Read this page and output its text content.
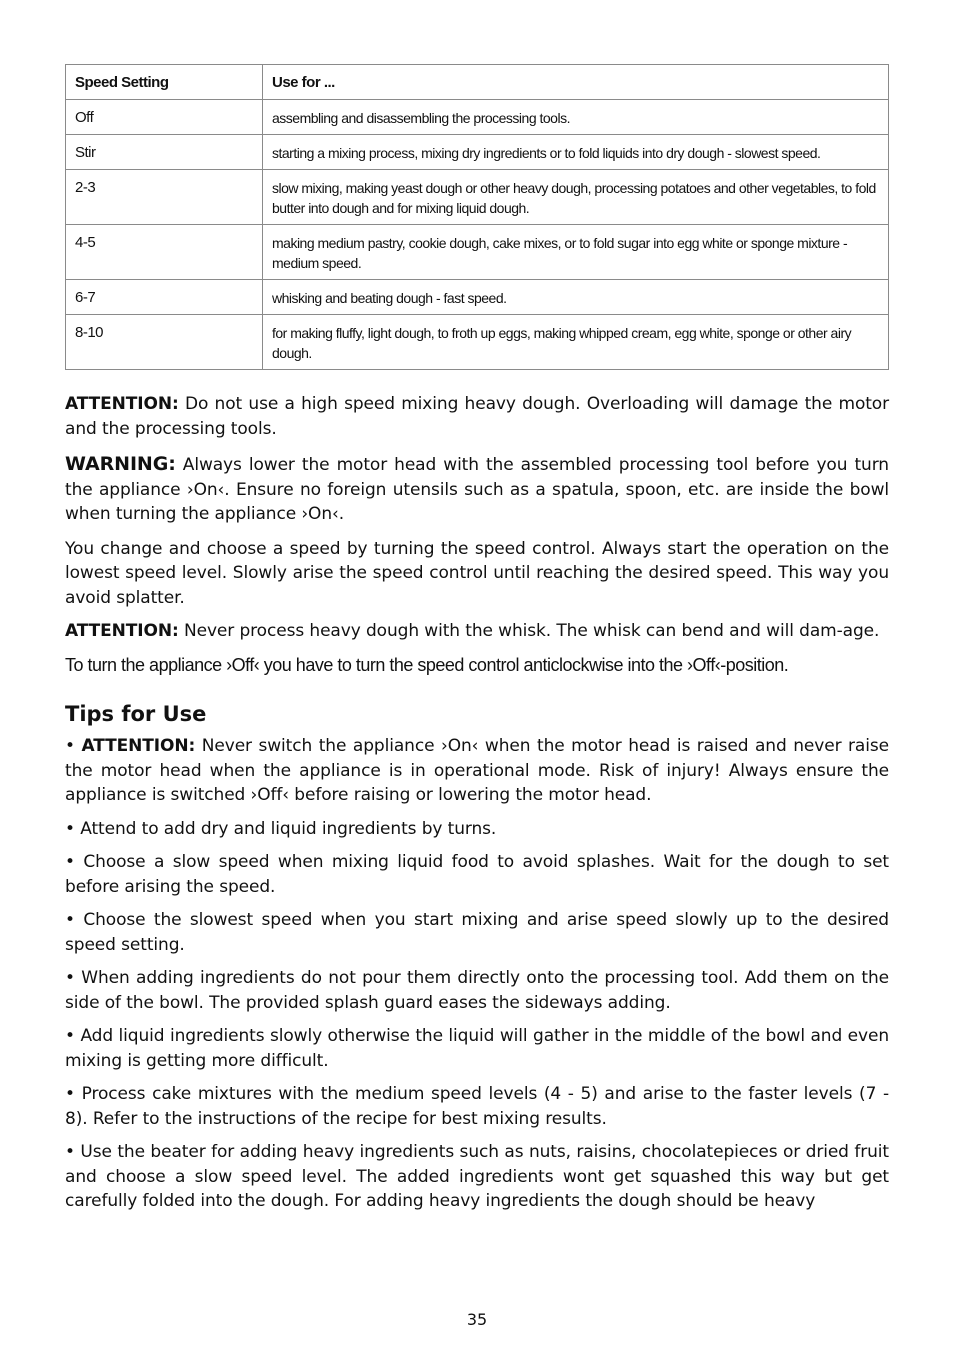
Speed Setting	Use for ...
Off	assembling and disassembling the processing tools.
Stir	starting a mixing process, mixing dry ingredients or to fold liquids into dry dough - slowest speed.
2-3	slow mixing, making yeast dough or other heavy dough, processing potatoes and other vegetables, to fold butter into dough and for mixing liquid dough.
4-5	making medium pastry, cookie dough, cake mixes, or to fold sugar into egg white or sponge mixture - medium speed.
6-7	whisking and beating dough - fast speed.
8-10	for making fluffy, light dough, to froth up eggs, making whipped cream, egg white, sponge or other airy dough.

ATTENTION: Do not use a high speed mixing heavy dough. Overloading will damage the motor and the processing tools.

WARNING: Always lower the motor head with the assembled processing tool before you turn the appliance ›On‹. Ensure no foreign utensils such as a spatula, spoon, etc. are inside the bowl when turning the appliance ›On‹.

You change and choose a speed by turning the speed control. Always start the operation on the lowest speed level. Slowly arise the speed control until reaching the desired speed. This way you avoid splatter.

ATTENTION: Never process heavy dough with the whisk. The whisk can bend and will dam-age.

To turn the appliance ›Off‹ you have to turn the speed control anticlockwise into the ›Off‹-position.

Tips for Use

• ATTENTION: Never switch the appliance ›On‹ when the motor head is raised and never raise the motor head when the appliance is in operational mode. Risk of injury! Always ensure the appliance is switched ›Off‹ before raising or lowering the motor head.

• Attend to add dry and liquid ingredients by turns.

• Choose a slow speed when mixing liquid food to avoid splashes. Wait for the dough to set before arising the speed.

• Choose the slowest speed when you start mixing and arise speed slowly up to the desired speed setting.

• When adding ingredients do not pour them directly onto the processing tool. Add them on the side of the bowl. The provided splash guard eases the sideways adding.

• Add liquid ingredients slowly otherwise the liquid will gather in the middle of the bowl and even mixing is getting more difficult.

• Process cake mixtures with the medium speed levels (4 - 5) and arise to the faster levels (7 - 8). Refer to the instructions of the recipe for best mixing results.

• Use the beater for adding heavy ingredients such as nuts, raisins, chocolatepieces or dried fruit and choose a slow speed level. The added ingredients wont get squashed this way but get carefully folded into the dough. For adding heavy ingredients the dough should be heavy

35
